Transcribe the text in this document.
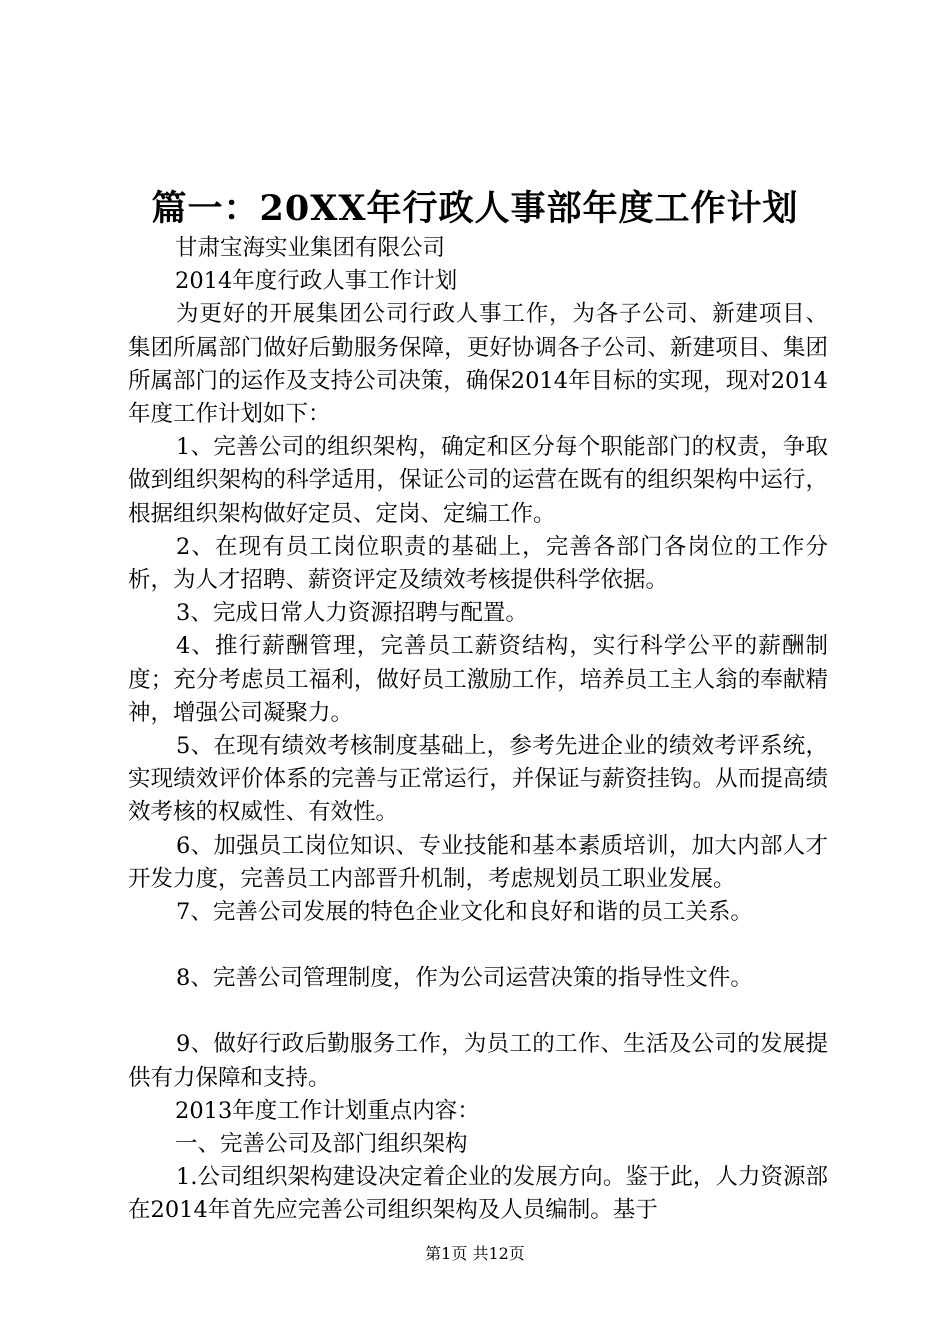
篇一：20XX年行政人事部年度工作计划

甘肃宝海实业集团有限公司

2014年度行政人事工作计划

为更好的开展集团公司行政人事工作，为各子公司、新建项目、集团所属部门做好后勤服务保障，更好协调各子公司、新建项目、集团所属部门的运作及支持公司决策，确保2014年目标的实现，现对2014年度工作计划如下：

1、完善公司的组织架构，确定和区分每个职能部门的权责，争取做到组织架构的科学适用，保证公司的运营在既有的组织架构中运行，根据组织架构做好定员、定岗、定编工作。

2、在现有员工岗位职责的基础上，完善各部门各岗位的工作分析，为人才招聘、薪资评定及绩效考核提供科学依据。

3、完成日常人力资源招聘与配置。

4、推行薪酬管理，完善员工薪资结构，实行科学公平的薪酬制度；充分考虑员工福利，做好员工激励工作，培养员工主人翁的奉献精神，增强公司凝聚力。

5、在现有绩效考核制度基础上，参考先进企业的绩效考评系统，实现绩效评价体系的完善与正常运行，并保证与薪资挂钩。从而提高绩效考核的权威性、有效性。

6、加强员工岗位知识、专业技能和基本素质培训，加大内部人才开发力度，完善员工内部晋升机制，考虑规划员工职业发展。

7、完善公司发展的特色企业文化和良好和谐的员工关系。

8、完善公司管理制度，作为公司运营决策的指导性文件。

9、做好行政后勤服务工作，为员工的工作、生活及公司的发展提供有力保障和支持。

2013年度工作计划重点内容：

一、完善公司及部门组织架构

1.公司组织架构建设决定着企业的发展方向。鉴于此，人力资源部在2014年首先应完善公司组织架构及人员编制。基于

第1页 共12页
